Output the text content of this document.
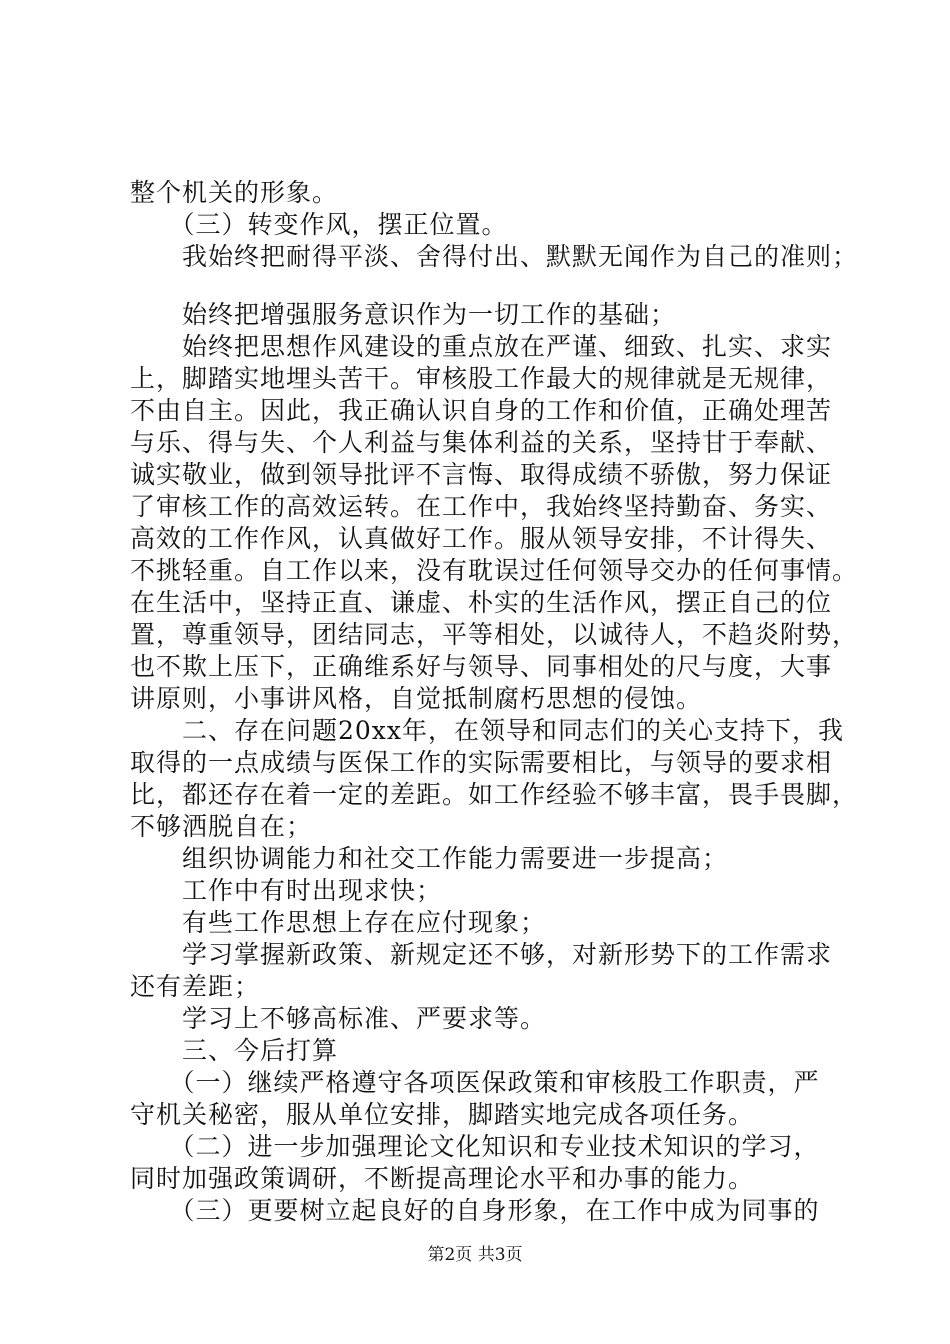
整个机关的形象。
　　（三）转变作风，摆正位置。
　　我始终把耐得平淡、舍得付出、默默无闻作为自己的准则；
　　始终把增强服务意识作为一切工作的基础；
　　始终把思想作风建设的重点放在严谨、细致、扎实、求实
上，脚踏实地埋头苦干。审核股工作最大的规律就是无规律，
不由自主。因此，我正确认识自身的工作和价值，正确处理苦
与乐、得与失、个人利益与集体利益的关系，坚持甘于奉献、
诚实敬业，做到领导批评不言悔、取得成绩不骄傲，努力保证
了审核工作的高效运转。在工作中，我始终坚持勤奋、务实、
高效的工作作风，认真做好工作。服从领导安排，不计得失、
不挑轻重。自工作以来，没有耽误过任何领导交办的任何事情。
在生活中，坚持正直、谦虚、朴实的生活作风，摆正自己的位
置，尊重领导，团结同志，平等相处，以诚待人，不趋炎附势，
也不欺上压下，正确维系好与领导、同事相处的尺与度，大事
讲原则，小事讲风格，自觉抵制腐朽思想的侵蚀。
　　二、存在问题20xx年，在领导和同志们的关心支持下，我
取得的一点成绩与医保工作的实际需要相比，与领导的要求相
比，都还存在着一定的差距。如工作经验不够丰富，畏手畏脚，
不够洒脱自在；
　　组织协调能力和社交工作能力需要进一步提高；
　　工作中有时出现求快；
　　有些工作思想上存在应付现象；
　　学习掌握新政策、新规定还不够，对新形势下的工作需求
还有差距；
　　学习上不够高标准、严要求等。
　　三、今后打算
　　（一）继续严格遵守各项医保政策和审核股工作职责，严
守机关秘密，服从单位安排，脚踏实地完成各项任务。
　　（二）进一步加强理论文化知识和专业技术知识的学习，
同时加强政策调研，不断提高理论水平和办事的能力。
　　（三）更要树立起良好的自身形象，在工作中成为同事的
第2页 共3页
